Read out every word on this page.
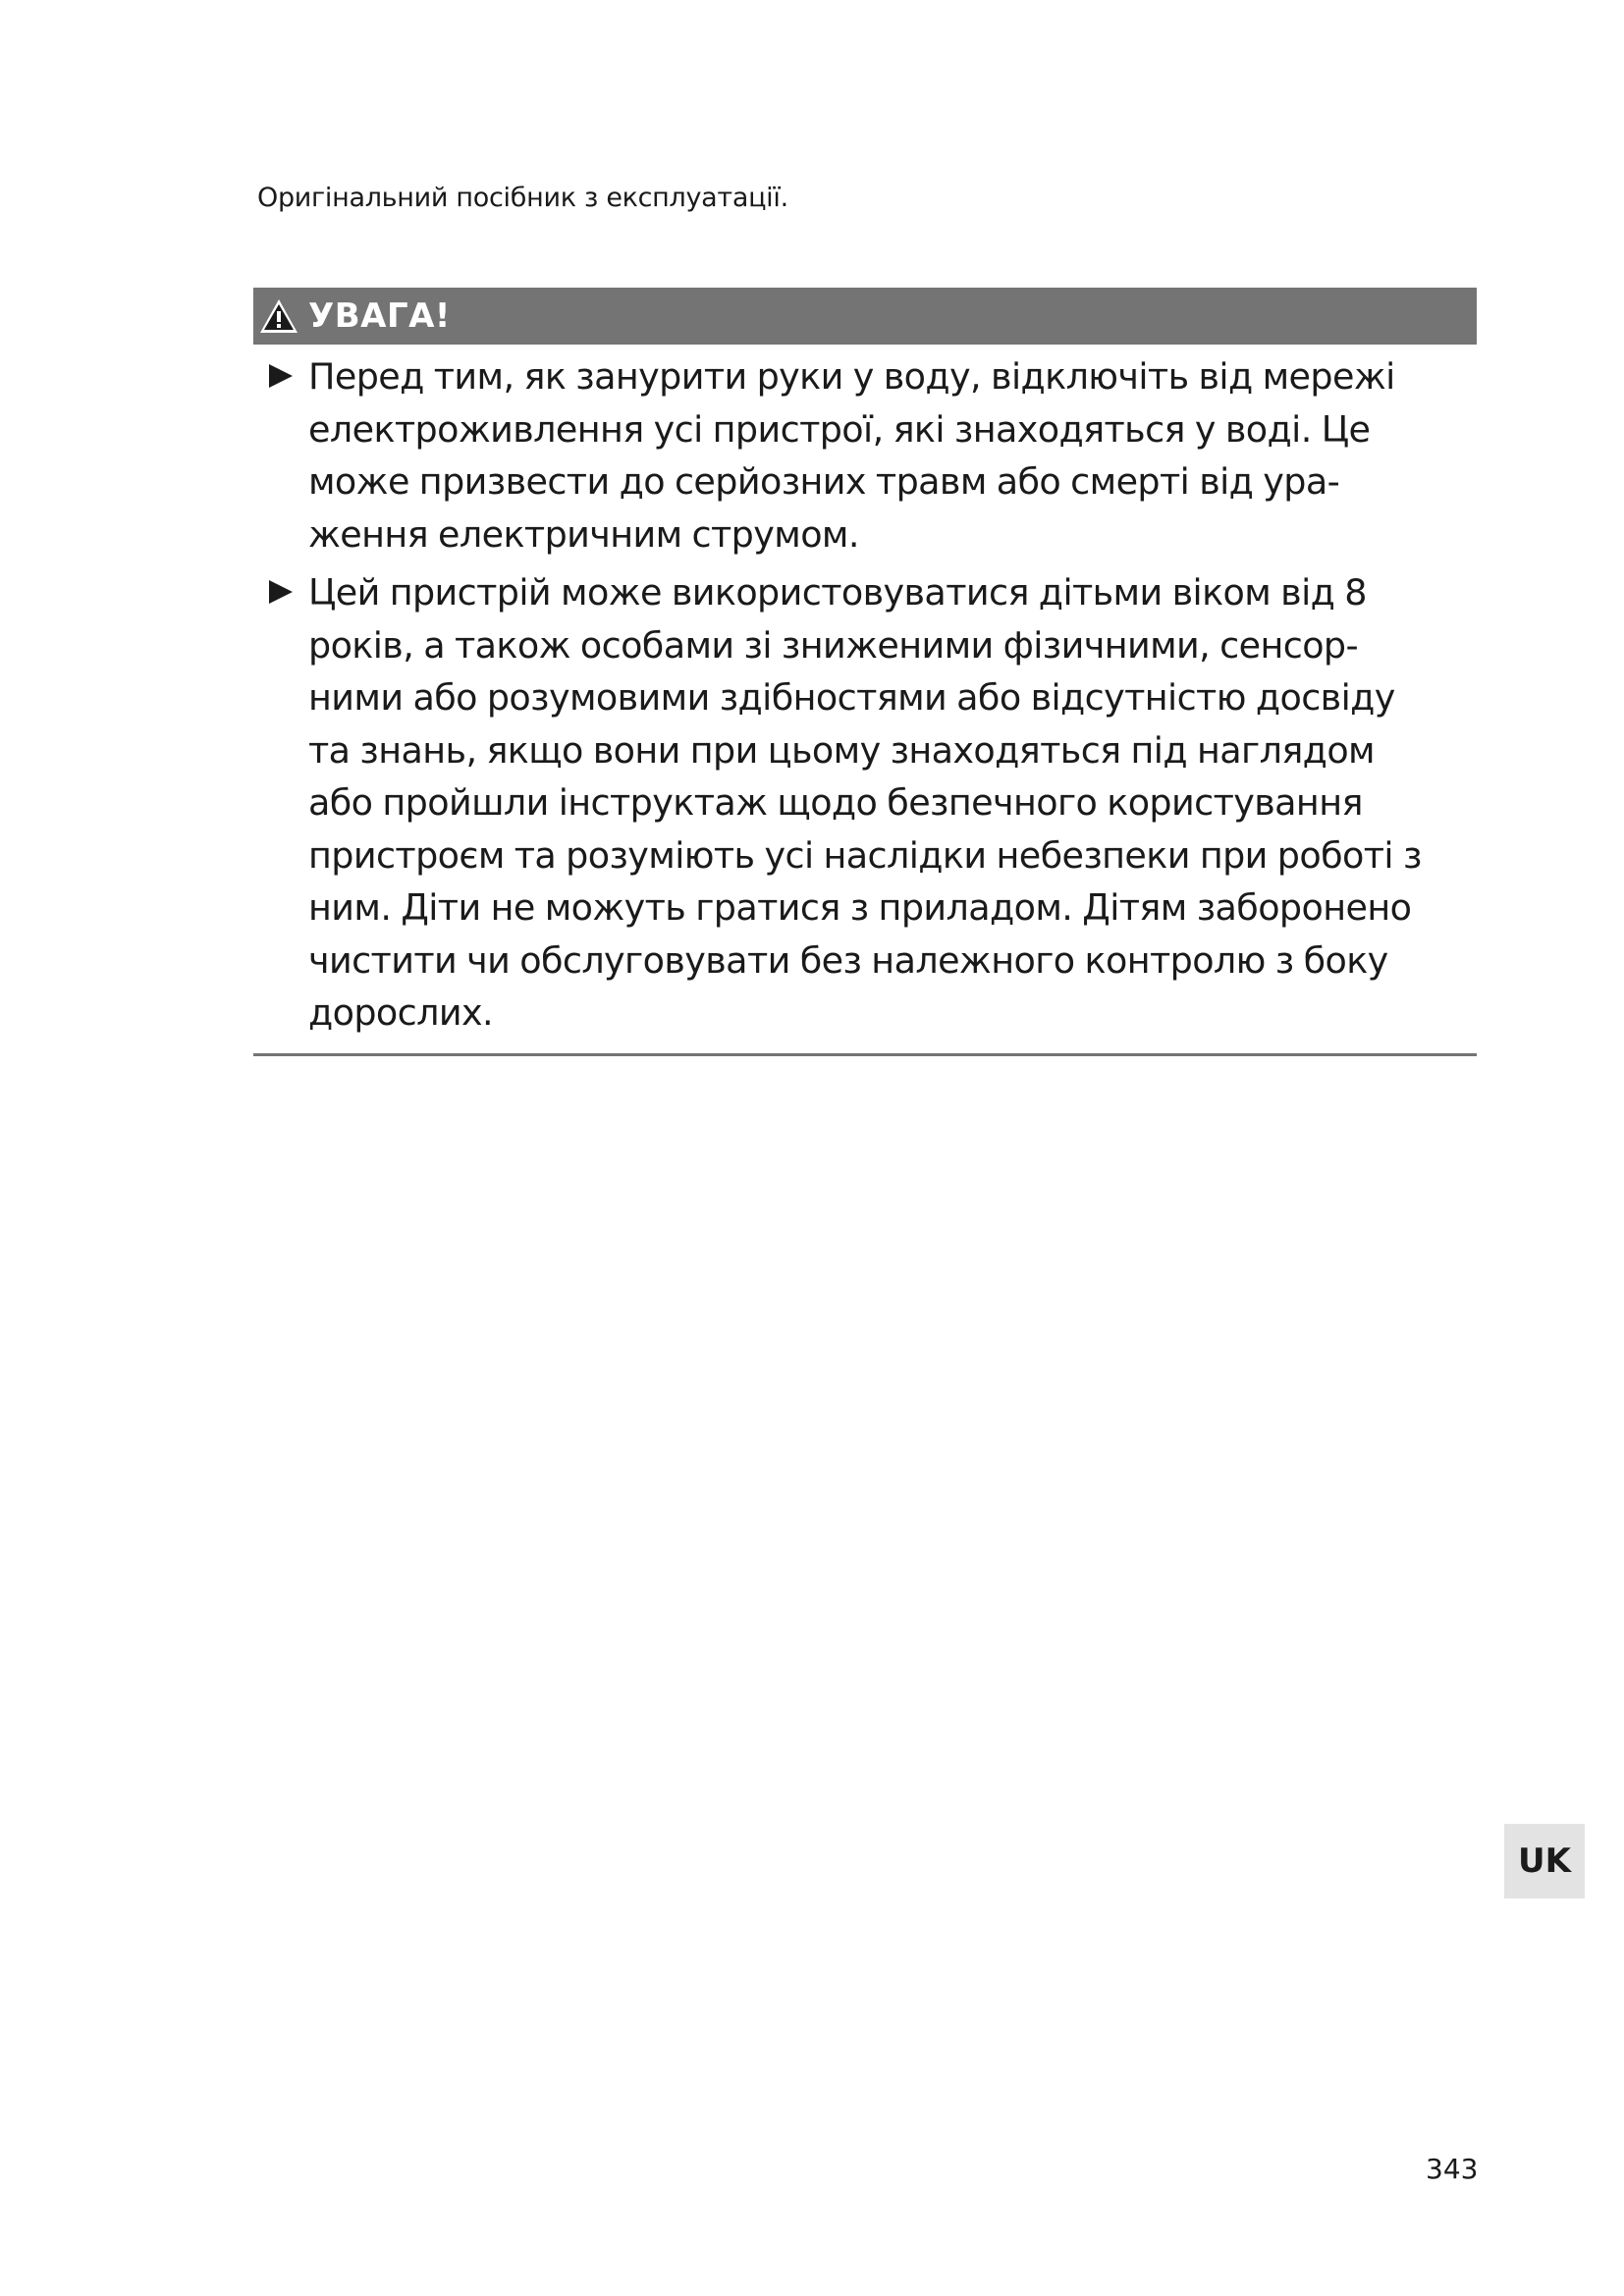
Оригінальний посібник з експлуатації.

УВАГА!
Перед тим, як занурити руки у воду, відключіть від мережі
електроживлення усі пристрої, які знаходяться у воді. Це
може призвести до серйозних травм або смерті від ура-
ження електричним струмом.
Цей пристрій може використовуватися дітьми віком від 8
років, а також особами зі зниженими фізичними, сенсор-
ними або розумовими здібностями або відсутністю досвіду
та знань, якщо вони при цьому знаходяться під наглядом
або пройшли інструктаж щодо безпечного користування
пристроєм та розуміють усі наслідки небезпеки при роботі з
ним. Діти не можуть гратися з приладом. Дітям заборонено
чистити чи обслуговувати без належного контролю з боку
дорослих.
UK
343
